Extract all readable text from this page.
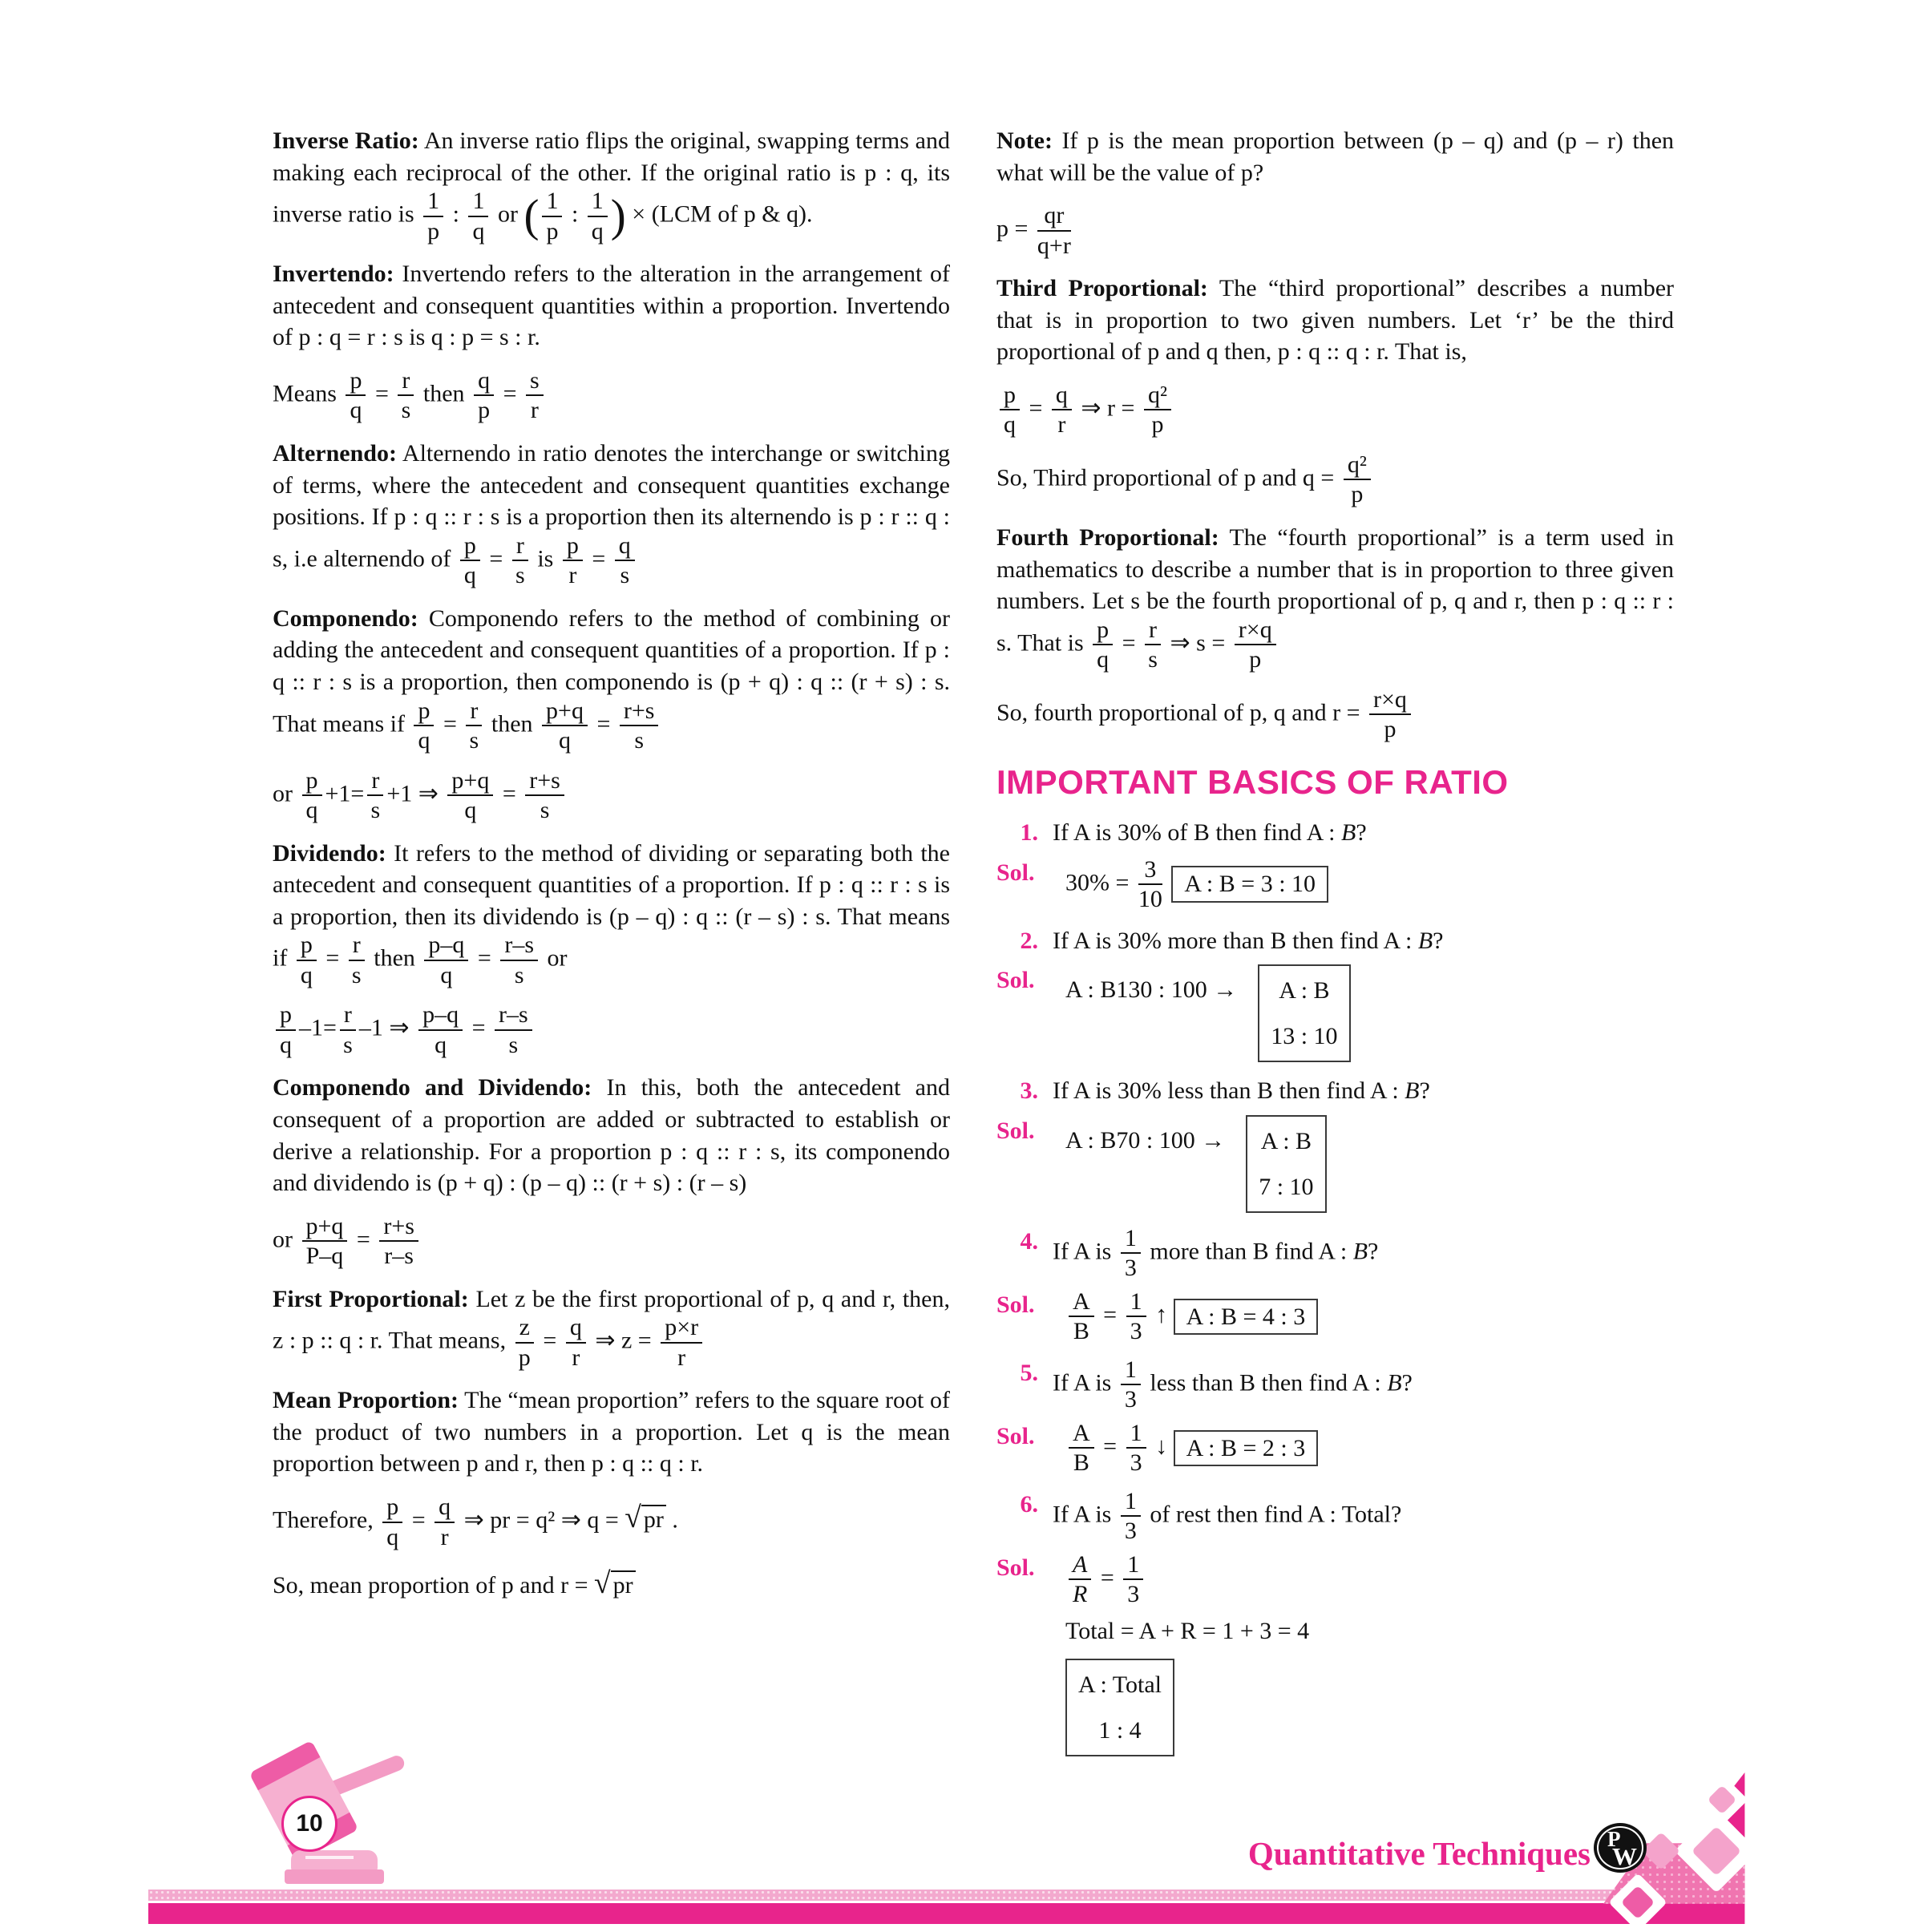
Inverse Ratio: An inverse ratio flips the original, swapping terms and making each reciprocal of the other. If the original ratio is p : q, its inverse ratio is $\frac{1}{p}$ : $\frac{1}{q}$ or ( $\frac{1}{p}$ : $\frac{1}{q}$ ) × (LCM of p & q).
Invertendo: Invertendo refers to the alteration in the arrangement of antecedent and consequent quantities within a proportion. Invertendo of p : q = r : s is q : p = s : r.
Means $\frac{p}{q} = \frac{r}{s}$ then $\frac{q}{p} = \frac{s}{r}$
Alternendo: Alternendo in ratio denotes the interchange or switching of terms, where the antecedent and consequent quantities exchange positions. If p : q :: r : s is a proportion then its alternendo is p : r :: q : s, i.e alternendo of $\frac{p}{q} = \frac{r}{s}$ is $\frac{p}{r} = \frac{q}{s}$
Componendo: Componendo refers to the method of combining or adding the antecedent and consequent quantities of a proportion. If p : q :: r : s is a proportion, then componendo is (p + q) : q :: (r + s) : s. That means if $\frac{p}{q} = \frac{r}{s}$ then $\frac{p+q}{q} = \frac{r+s}{s}$
or $\frac{p}{q} +1= \frac{r}{s} +1$ ⇒ $\frac{p+q}{q} = \frac{r+s}{s}$
Dividendo: It refers to the method of dividing or separating both the antecedent and consequent quantities of a proportion. If p : q :: r : s is a proportion, then its dividendo is (p – q) : q :: (r – s) : s. That means if $\frac{p}{q} = \frac{r}{s}$ then $\frac{p-q}{q} = \frac{r-s}{s}$ or
$\frac{p}{q} -1= \frac{r}{s} -1$ ⇒ $\frac{p-q}{q} = \frac{r-s}{s}$
Componendo and Dividendo: In this, both the antecedent and consequent of a proportion are added or subtracted to establish or derive a relationship. For a proportion p : q :: r : s, its componendo and dividendo is (p + q) : (p – q) :: (r + s) : (r – s)
or $\frac{p+q}{P-q} = \frac{r+s}{r-s}$
First Proportional: Let z be the first proportional of p, q and r, then, z : p :: q : r. That means, $\frac{z}{p} = \frac{q}{r}$ ⇒ $z = \frac{p\times r}{r}$
Mean Proportion: The “mean proportion” refers to the square root of the product of two numbers in a proportion. Let q is the mean proportion between p and r, then p : q :: q : r.
Therefore, $\frac{p}{q} = \frac{q}{r}$ ⇒ pr = q² ⇒ q = √ pr .
So, mean proportion of p and r = √ pr
Note: If p is the mean proportion between (p – q) and (p – r) then what will be the value of p?
$p = \frac{qr}{q+r}$
Third Proportional: The “third proportional” describes a number that is in proportion to two given numbers. Let ‘r’ be the third proportional of p and q then, p : q :: q : r. That is,
$\frac{p}{q} = \frac{q}{r}$ ⇒ $r = \frac{\text{q²}}{p}$
So, Third proportional of p and $q = \frac{\text{q²}}{p}$
Fourth Proportional: The “fourth proportional” is a term used in mathematics to describe a number that is in proportion to three given numbers. Let s be the fourth proportional of p, q and r, then p : q :: r : s. That is $\frac{p}{q} = \frac{r}{s}$ ⇒ $s = \frac{r\times q}{p}$
So, fourth proportional of p, q and $r = \frac{r\times q}{p}$
IMPORTANT BASICS OF RATIO
1. If A is 30% of B then find A : B?
Sol.	$30\% = \frac{3}{10}$ A : B = 3 : 10
2. If A is 30% more than B then find A : B?
Sol.	A : B130 : 100 →	A : B
13 : 10
3. If A is 30% less than B then find A : B?
Sol.	A : B70 : 100 → A : B
7 : 10
4. If A is $\frac{1}{3}$ more than B find A : B?
Sol.	$\frac{A}{B} = \frac{1}{3}$ ↑ A : B = 4 : 3
5. If A is $\frac{1}{3}$ less than B then find A : B?
Sol.	$\frac{A}{B} = \frac{1}{3}$ ↓ A : B = 2 : 3
6. If A is $\frac{1}{3}$ of rest then find A : Total?
Sol.	$\frac{A}{R} = \frac{1}{3}$
Total = A + R = 1 + 3 = 4
A : Total
1 : 4
10
Quantitative Techniques P
W
